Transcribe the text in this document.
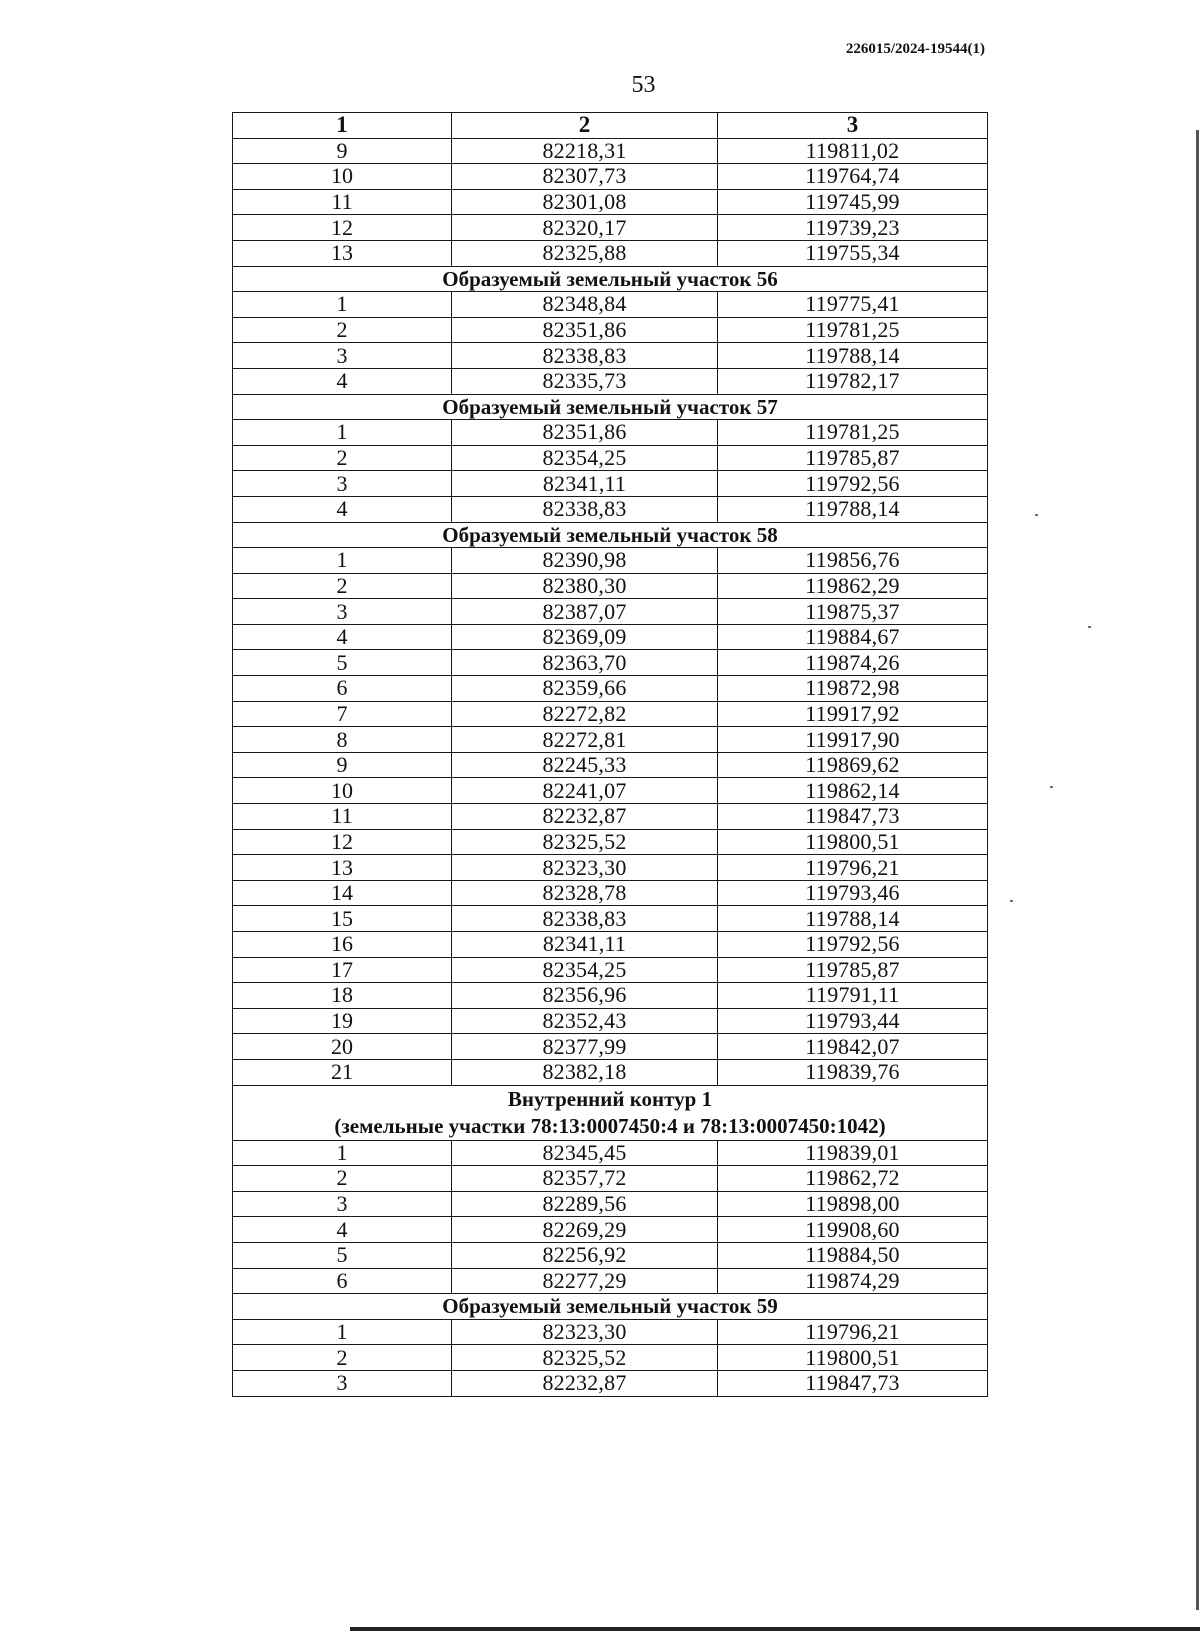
226015/2024-19544(1)
53
1	2	3
9	82218,31	119811,02
10	82307,73	119764,74
11	82301,08	119745,99
12	82320,17	119739,23
13	82325,88	119755,34

Образуемый земельный участок 56		

1	82348,84	119775,41
2	82351,86	119781,25
3	82338,83	119788,14
4	82335,73	119782,17

Образуемый земельный участок 57		

1	82351,86	119781,25
2	82354,25	119785,87
3	82341,11	119792,56
4	82338,83	119788,14

Образуемый земельный участок 58		

1	82390,98	119856,76
2	82380,30	119862,29
3	82387,07	119875,37
4	82369,09	119884,67
5	82363,70	119874,26
6	82359,66	119872,98
7	82272,82	119917,92
8	82272,81	119917,90
9	82245,33	119869,62
10	82241,07	119862,14
11	82232,87	119847,73
12	82325,52	119800,51
13	82323,30	119796,21
14	82328,78	119793,46
15	82338,83	119788,14
16	82341,11	119792,56
17	82354,25	119785,87
18	82356,96	119791,11
19	82352,43	119793,44
20	82377,99	119842,07
21	82382,18	119839,76

Внутренний контур 1
(земельные участки 78:13:0007450:4 и 78:13:0007450:1042)		

1	82345,45	119839,01
2	82357,72	119862,72
3	82289,56	119898,00
4	82269,29	119908,60
5	82256,92	119884,50
6	82277,29	119874,29

Образуемый земельный участок 59		

1	82323,30	119796,21
2	82325,52	119800,51
3	82232,87	119847,73
